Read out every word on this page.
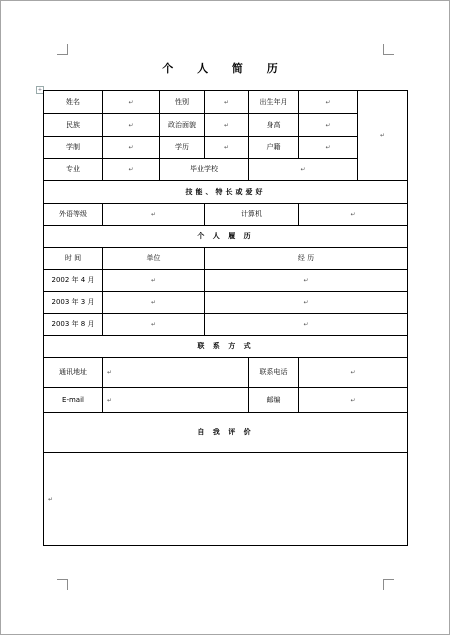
个 人 简 历
+
姓名	↵	性别	↵	出生年月	↵	↵
民族	↵	政治面貌	↵	身高	↵
学制	↵	学历	↵	户籍	↵
专业	↵	毕业学校	↵
技能、特长或爱好						
外语等级	↵		计算机	↵
个 人 履 历						
时 间	单位		经 历			
2002 年 4 月	↵	↵
2003 年 3 月	↵	↵
2003 年 8 月	↵	↵
联 系 方 式						
通讯地址	↵			联系电话	↵
E-mail	↵			邮编	↵
自 我 评 价						
↵
